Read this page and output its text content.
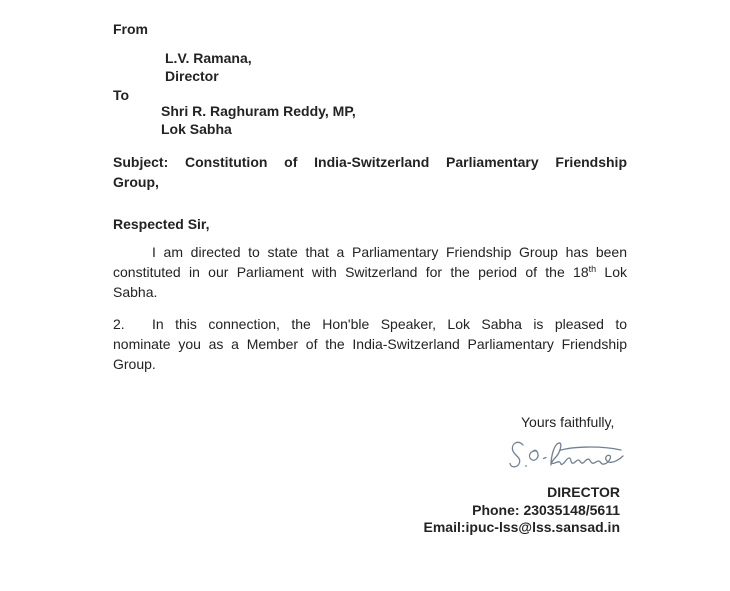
From
L.V. Ramana,
Director
To
Shri R. Raghuram Reddy, MP,
Lok Sabha
Subject: Constitution of India-Switzerland Parliamentary Friendship
Group,
Respected Sir,
I am directed to state that a Parliamentary Friendship Group has been
constituted in our Parliament with Switzerland for the period of the 18th Lok
Sabha.
2. In this connection, the Hon'ble Speaker, Lok Sabha is pleased to
nominate you as a Member of the India-Switzerland Parliamentary Friendship
Group.
Yours faithfully,
DIRECTOR
Phone: 23035148/5611
Email:ipuc-lss@lss.sansad.in
